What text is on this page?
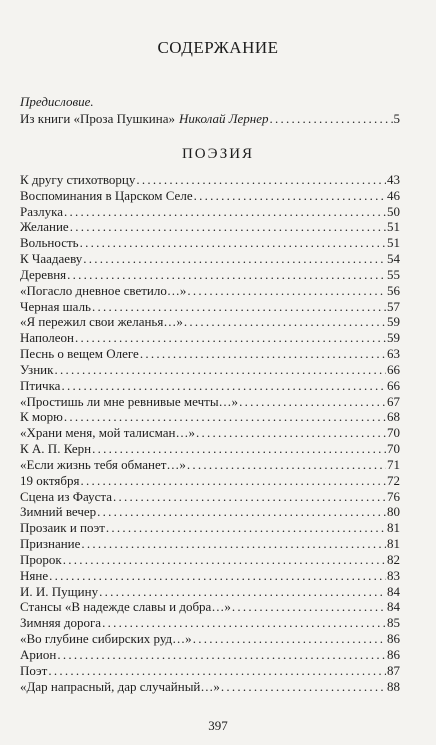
СОДЕРЖАНИЕ
Предисловие.
Из книги «Проза Пушкина» Николай Лернер . . .	5
ПОЭЗИЯ
К другу стихотворцу . . .	43
Воспоминания в Царском Селе . . .	46
Разлука . . .	50
Желание . . .	51
Вольность . . .	51
К Чаадаеву . . .	54
Деревня . . .	55
«Погасло дневное светило…» . . .	56
Черная шаль . . .	57
«Я пережил свои желанья…» . . .	59
Наполеон . . .	59
Песнь о вещем Олеге . . .	63
Узник . . .	66
Птичка . . .	66
«Простишь ли мне ревнивые мечты…» . . .	67
К морю . . .	68
«Храни меня, мой талисман…» . . .	70
К А. П. Керн . . .	70
«Если жизнь тебя обманет…» . . .	71
19 октября . . .	72
Сцена из Фауста . . .	76
Зимний вечер . . .	80
Прозаик и поэт . . .	81
Признание . . .	81
Пророк . . .	82
Няне . . .	83
И. И. Пущину . . .	84
Стансы «В надежде славы и добра…» . . .	84
Зимняя дорога . . .	85
«Во глубине сибирских руд…» . . .	86
Арион . . .	86
Поэт . . .	87
«Дар напрасный, дар случайный…» . . .	88
397
